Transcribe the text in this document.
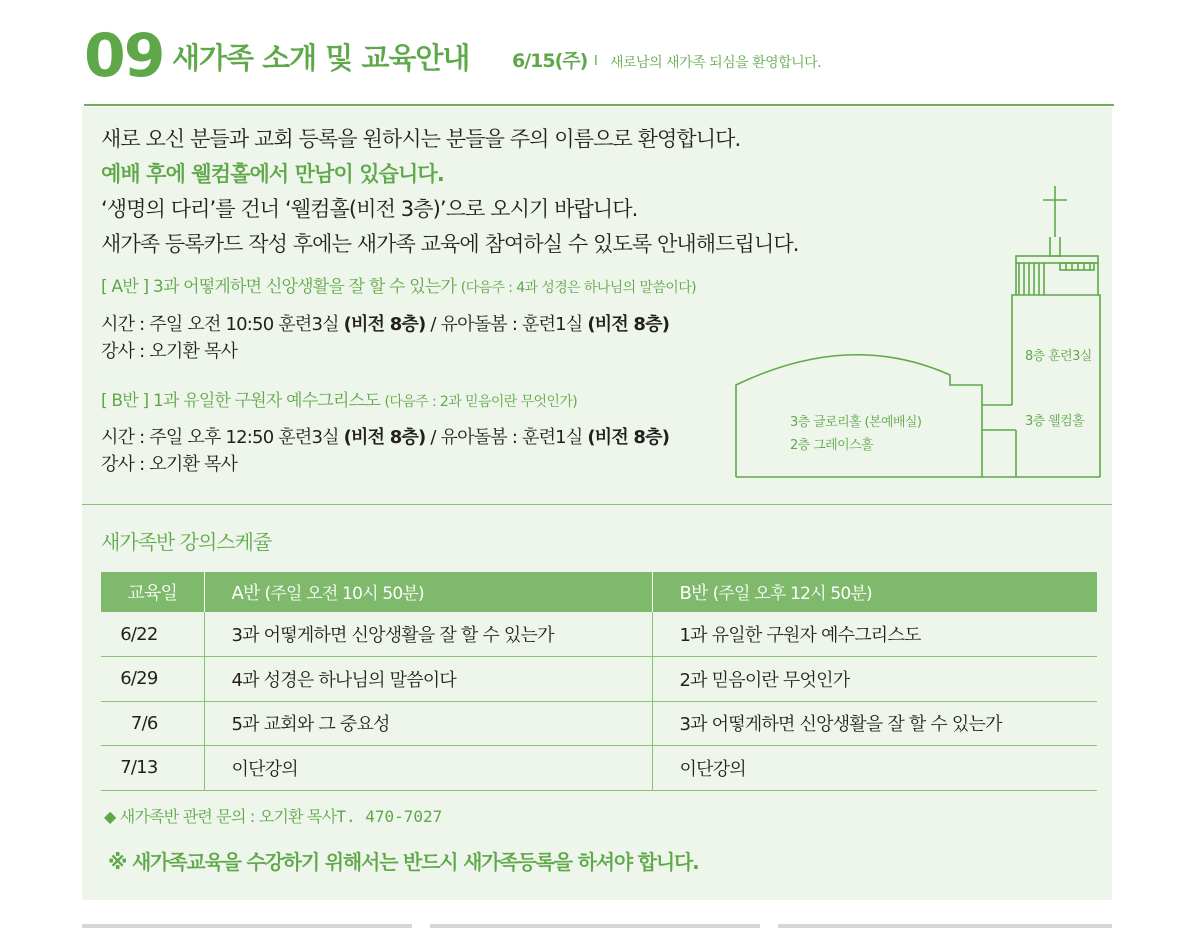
09 새가족 소개 및 교육안내 6/15(주) I 새로남의 새가족 되심을 환영합니다.
새로 오신 분들과 교회 등록을 원하시는 분들을 주의 이름으로 환영합니다.
예배 후에 웰컴홀에서 만남이 있습니다.
‘생명의 다리’를 건너 ‘웰컴홀(비전 3층)’으로 오시기 바랍니다.
새가족 등록카드 작성 후에는 새가족 교육에 참여하실 수 있도록 안내해드립니다.
[ A반 ] 3과 어떻게하면 신앙생활을 잘 할 수 있는가 (다음주 : 4과 성경은 하나님의 말씀이다)
시간 : 주일 오전 10:50 훈련3실 (비전 8층) / 유아돌봄 : 훈련1실 (비전 8층)
강사 : 오기환 목사
[ B반 ] 1과 유일한 구원자 예수그리스도 (다음주 : 2과 믿음이란 무엇인가)
시간 : 주일 오후 12:50 훈련3실 (비전 8층) / 유아돌봄 : 훈련1실 (비전 8층)
강사 : 오기환 목사
8층 훈련3실
3층 웰컴홀
3층 글로리홀 (본예배실)
2층 그레이스홀
새가족반 강의스케쥴
교육일	A반 (주일 오전 10시 50분)	B반 (주일 오후 12시 50분)
6/22	3과 어떻게하면 신앙생활을 잘 할 수 있는가	1과 유일한 구원자 예수그리스도
6/29	4과 성경은 하나님의 말씀이다	2과 믿음이란 무엇인가
7/6	5과 교회와 그 중요성	3과 어떻게하면 신앙생활을 잘 할 수 있는가
7/13	이단강의	이단강의
◆ 새가족반 관련 문의 : 오기환 목사T. 470-7027
※ 새가족교육을 수강하기 위해서는 반드시 새가족등록을 하셔야 합니다.
